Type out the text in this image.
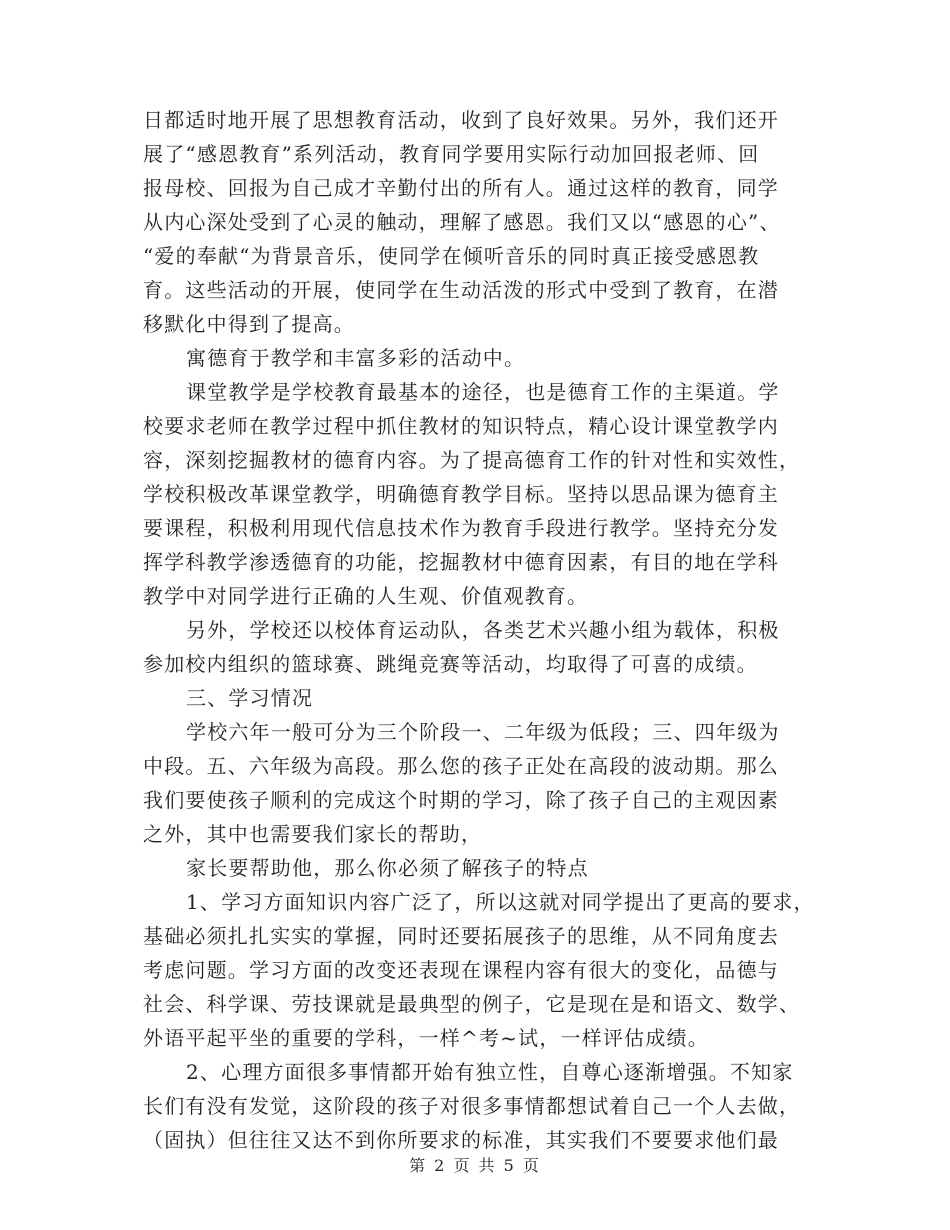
日都适时地开展了思想教育活动，收到了良好效果。另外，我们还开
展了“感恩教育”系列活动，教育同学要用实际行动加回报老师、回
报母校、回报为自己成才辛勤付出的所有人。通过这样的教育，同学
从内心深处受到了心灵的触动，理解了感恩。我们又以“感恩的心”、
“爱的奉献“为背景音乐，使同学在倾听音乐的同时真正接受感恩教
育。这些活动的开展，使同学在生动活泼的形式中受到了教育，在潜
移默化中得到了提高。
寓德育于教学和丰富多彩的活动中。
课堂教学是学校教育最基本的途径，也是德育工作的主渠道。学
校要求老师在教学过程中抓住教材的知识特点，精心设计课堂教学内
容，深刻挖掘教材的德育内容。为了提高德育工作的针对性和实效性，
学校积极改革课堂教学，明确德育教学目标。坚持以思品课为德育主
要课程，积极利用现代信息技术作为教育手段进行教学。坚持充分发
挥学科教学渗透德育的功能，挖掘教材中德育因素，有目的地在学科
教学中对同学进行正确的人生观、价值观教育。
另外，学校还以校体育运动队，各类艺术兴趣小组为载体，积极
参加校内组织的篮球赛、跳绳竞赛等活动，均取得了可喜的成绩。
三、学习情况
学校六年一般可分为三个阶段一、二年级为低段；三、四年级为
中段。五、六年级为高段。那么您的孩子正处在高段的波动期。那么
我们要使孩子顺利的完成这个时期的学习，除了孩子自己的主观因素
之外，其中也需要我们家长的帮助，
家长要帮助他，那么你必须了解孩子的特点
1、学习方面知识内容广泛了，所以这就对同学提出了更高的要求，
基础必须扎扎实实的掌握，同时还要拓展孩子的思维，从不同角度去
考虑问题。学习方面的改变还表现在课程内容有很大的变化，品德与
社会、科学课、劳技课就是最典型的例子，它是现在是和语文、数学、
外语平起平坐的重要的学科，一样^考~试，一样评估成绩。
2、心理方面很多事情都开始有独立性，自尊心逐渐增强。不知家
长们有没有发觉，这阶段的孩子对很多事情都想试着自己一个人去做，
（固执）但往往又达不到你所要求的标准，其实我们不要要求他们最
第 2 页 共 5 页
